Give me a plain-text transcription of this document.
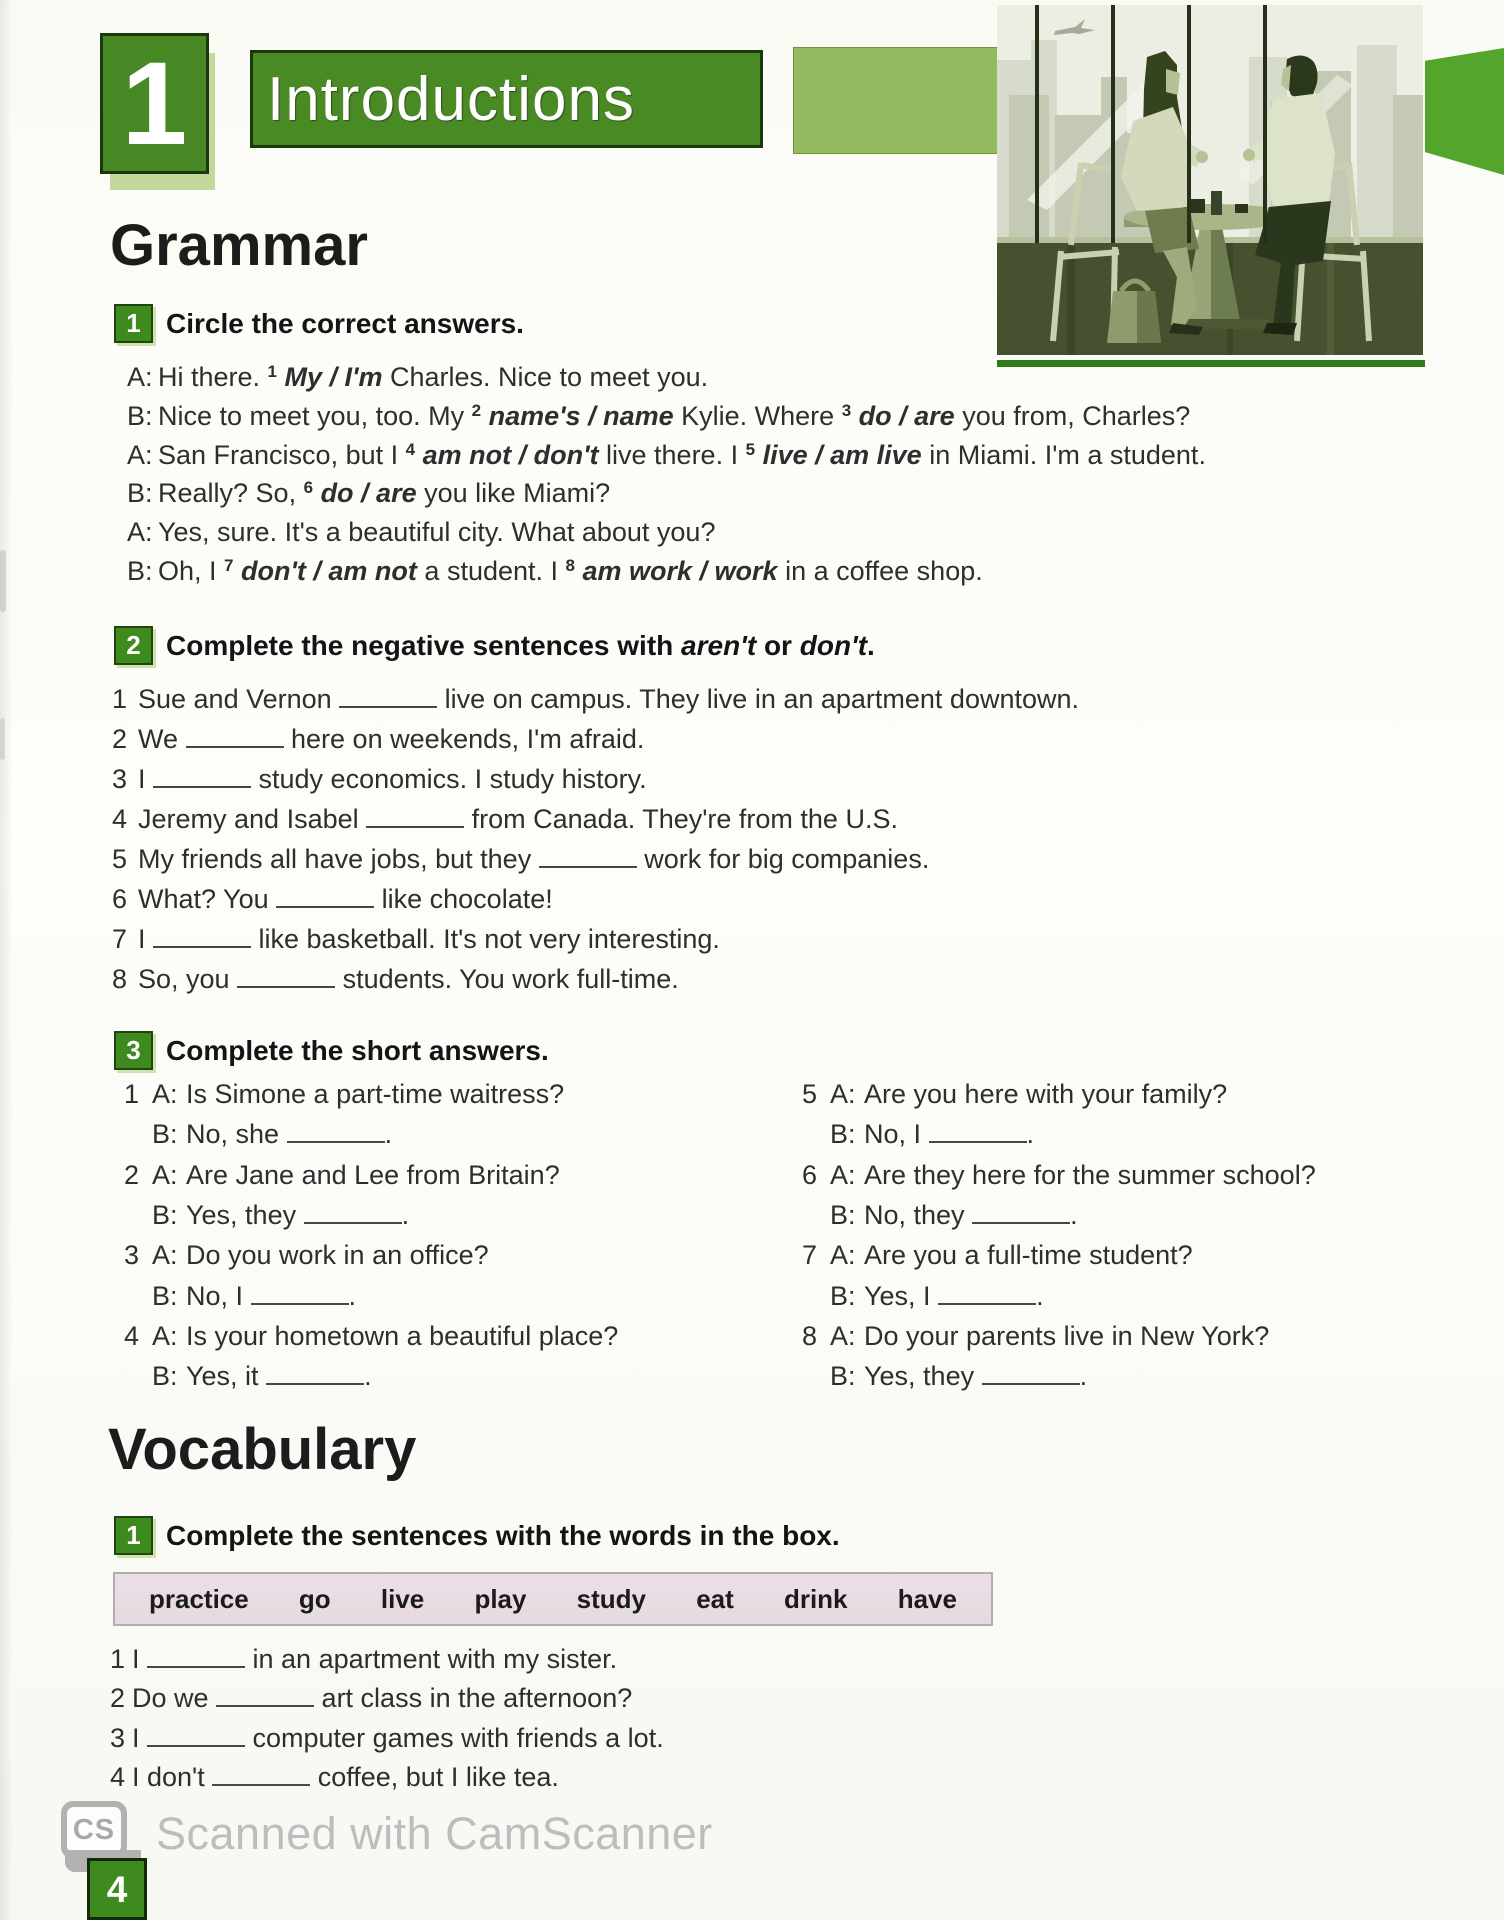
1	Introductions
Grammar
1 Circle the correct answers.
2 Complete the negative sentences with aren't or don't.
3 Complete the short answers.
Vocabulary
1 Complete the sentences with the words in the box.
practice go live play study eat drink have
CS Scanned with CamScanner
4
A: Hi there. $^1$ My / I'm Charles. Nice to meet you.
B: Nice to meet you, too. My $^2$ name's / name Kylie. Where $^3$ do / are you from, Charles?
A: San Francisco, but I $^4$ am not / don't live there. I $^5$ live / am live in Miami. I'm a student.
B: Really? So, $^6$ do / are you like Miami?
A: Yes, sure. It's a beautiful city. What about you?
B: Oh, I $^7$ don't / am not a student. I $^8$ am work / work in a coffee shop.
1 Sue and Vernon	live on campus. They live in an apartment downtown.
2 We	here on weekends, I'm afraid.
3 I	study economics. I study history.
4 Jeremy and Isabel	from Canada. They're from the U.S.
5 My friends all have jobs, but they	work for big companies.
6 What? You	like chocolate!
7 I	like basketball. It's not very interesting.
8 So, you	students. You work full-time.
1 A: Is Simone a part-time waitress?
B: No, she	.
2 A: Are Jane and Lee from Britain?
B: Yes, they	.
3 A: Do you work in an office?
B: No, I	.
4 A: Is your hometown a beautiful place?
B: Yes, it	.
5 A: Are you here with your family?
B: No, I	.
6 A: Are they here for the summer school?
B: No, they	.
7 A: Are you a full-time student?
B: Yes, I	.
8 A: Do your parents live in New York?
B: Yes, they	.
1 I	in an apartment with my sister.
2 Do we	art class in the afternoon?
3 I	computer games with friends a lot.
4 I don't	coffee, but I like tea.
